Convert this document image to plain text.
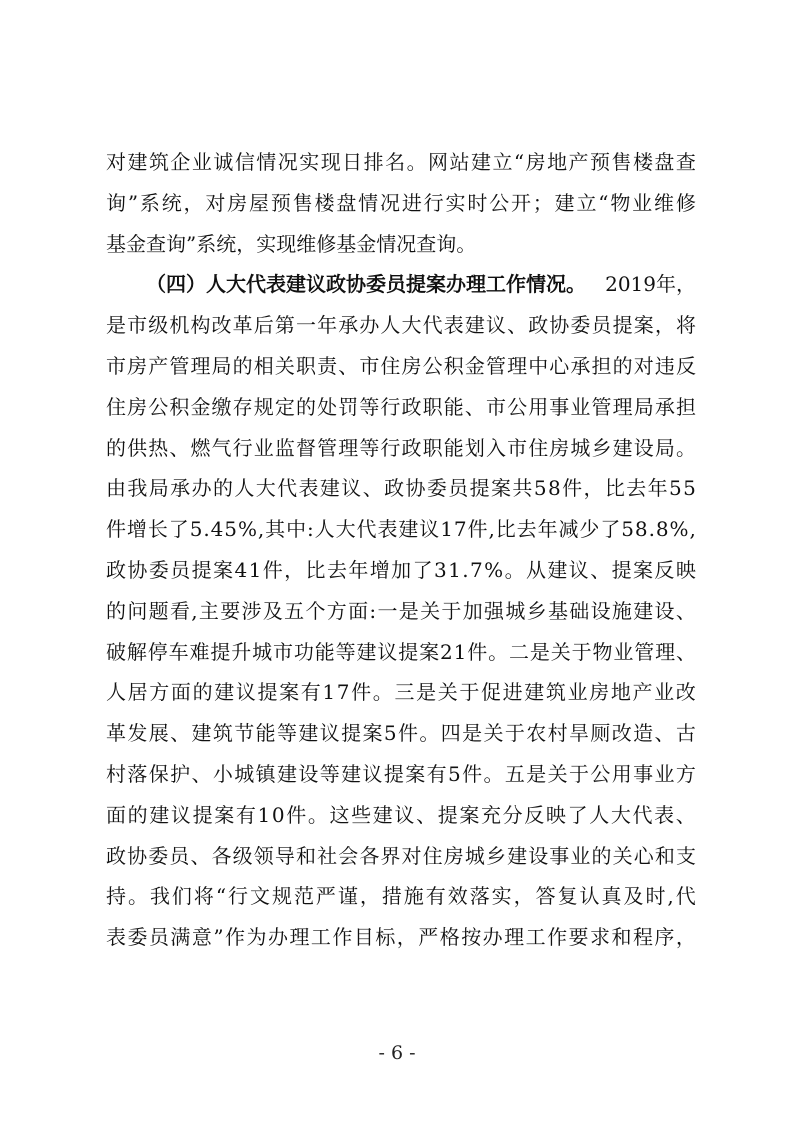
对 建 筑 企 业 诚 信 情 况 实 现 日 排 名 。 网 站 建 立 “ 房 地 产 预 售 楼 盘 查
询 ” 系 统 ， 对 房 屋 预 售 楼 盘 情 况 进 行 实 时 公 开 ； 建 立 “ 物 业 维 修
基金查询”系统，实现维修基金情况查询。
（四）人大代表建议政协委员提案办理工作情况。 2019年，
是 市 级 机 构 改 革 后 第 一 年 承 办 人 大 代 表 建 议 、 政 协 委 员 提 案 ， 将
市 房 产 管 理 局 的 相 关 职 责 、 市 住 房 公 积 金 管 理 中 心 承 担 的 对 违 反
住 房 公 积 金 缴 存 规 定 的 处 罚 等 行 政 职 能 、 市 公 用 事 业 管 理 局 承 担
的 供 热 、 燃 气 行 业 监 督 管 理 等 行 政 职 能 划 入 市 住 房 城 乡 建 设 局 。
由 我 局 承 办 的 人 大 代 表 建 议 、 政 协 委 员 提 案 共 5 8 件 ， 比 去 年 5 5
件 增 长 了 5 . 4 5 % , 其 中 : 人 大 代 表 建 议 1 7 件 , 比 去 年 减 少 了 5 8 . 8 % ,
政 协 委 员 提 案 4 1 件 ， 比 去 年 增 加 了 3 1 . 7 % 。 从 建 议 、 提 案 反 映
的 问 题 看 , 主 要 涉 及 五 个 方 面 : 一 是 关 于 加 强 城 乡 基 础 设 施 建 设 、
破 解 停 车 难 提 升 城 市 功 能 等 建 议 提 案 2 1 件 。 二 是 关 于 物 业 管 理 、
人 居 方 面 的 建 议 提 案 有 1 7 件 。 三 是 关 于 促 进 建 筑 业 房 地 产 业 改
革 发 展 、 建 筑 节 能 等 建 议 提 案 5 件 。 四 是 关 于 农 村 旱 厕 改 造 、 古
村 落 保 护 、 小 城 镇 建 设 等 建 议 提 案 有 5 件 。 五 是 关 于 公 用 事 业 方
面 的 建 议 提 案 有 1 0 件 。 这 些 建 议 、 提 案 充 分 反 映 了 人 大 代 表 、
政 协 委 员 、 各 级 领 导 和 社 会 各 界 对 住 房 城 乡 建 设 事 业 的 关 心 和 支
持 。 我 们 将 “ 行 文 规 范 严 谨 ， 措 施 有 效 落 实 ， 答 复 认 真 及 时 , 代
表 委 员 满 意 ” 作 为 办 理 工 作 目 标 ， 严 格 按 办 理 工 作 要 求 和 程 序 ，
- 6 -
